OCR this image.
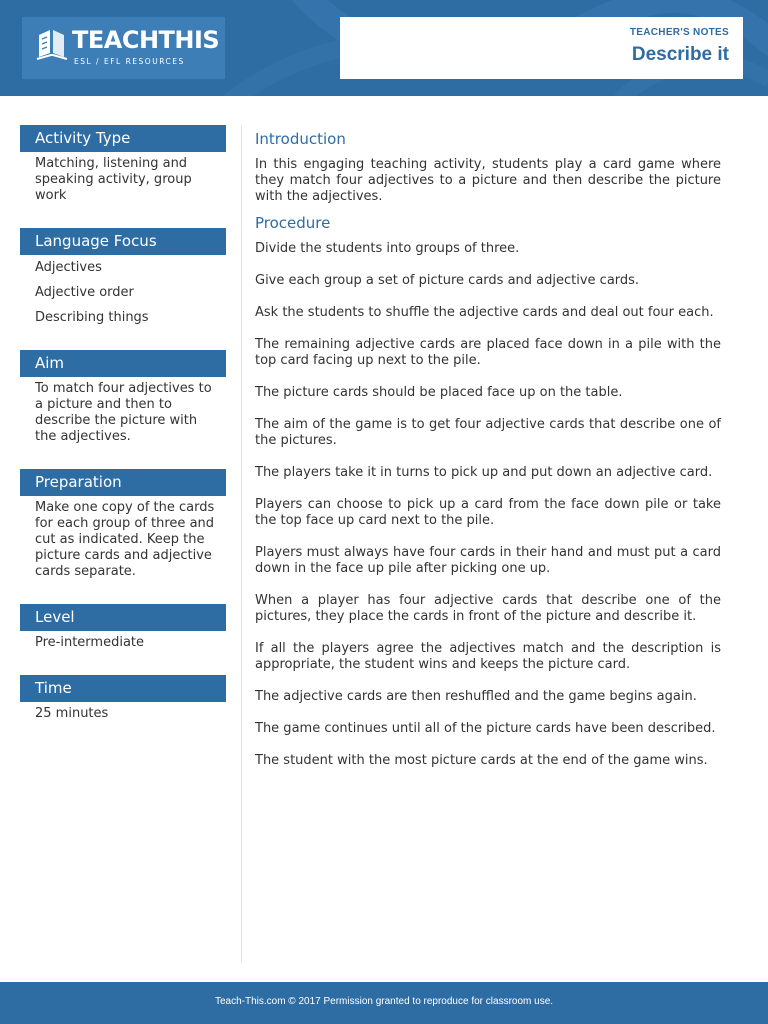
TEACHTHIS
ESL / EFL RESOURCES
TEACHER'S NOTES
Describe it
Activity Type
Matching, listening and speaking activity, group work
Language Focus
Adjectives
Adjective order
Describing things
Aim
To match four adjectives to a picture and then to describe the picture with the adjectives.
Preparation
Make one copy of the cards for each group of three and cut as indicated. Keep the picture cards and adjective cards separate.
Level
Pre-intermediate
Time
25 minutes
Introduction

In this engaging teaching activity, students play a card game where they match four adjectives to a picture and then describe the picture with the adjectives.

Procedure

Divide the students into groups of three.

Give each group a set of picture cards and adjective cards.

Ask the students to shuffle the adjective cards and deal out four each.

The remaining adjective cards are placed face down in a pile with the top card facing up next to the pile.

The picture cards should be placed face up on the table.

The aim of the game is to get four adjective cards that describe one of the pictures.

The players take it in turns to pick up and put down an adjective card.

Players can choose to pick up a card from the face down pile or take the top face up card next to the pile.

Players must always have four cards in their hand and must put a card down in the face up pile after picking one up.

When a player has four adjective cards that describe one of the pictures, they place the cards in front of the picture and describe it.

If all the players agree the adjectives match and the description is appropriate, the student wins and keeps the picture card.

The adjective cards are then reshuffled and the game begins again.

The game continues until all of the picture cards have been described.

The student with the most picture cards at the end of the game wins.

Teach-This.com © 2017 Permission granted to reproduce for classroom use.
